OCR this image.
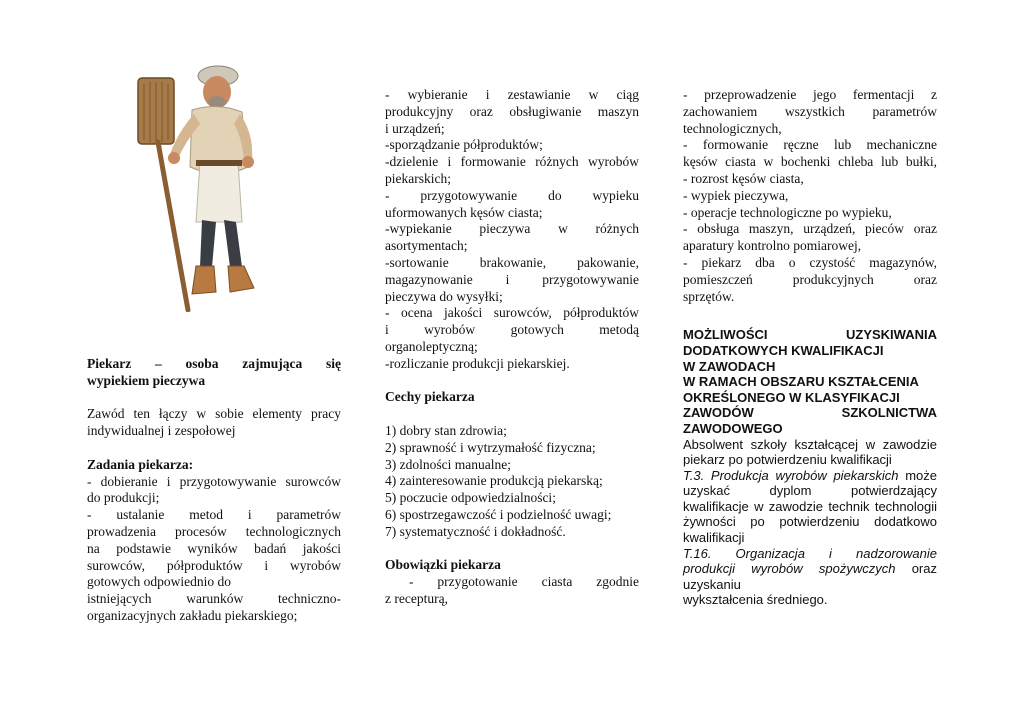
Piekarz – osoba zajmująca się

wypiekiem pieczywa

Zawód ten łączy w sobie elementy pracy

indywidualnej i zespołowej

Zadania piekarza:

- dobieranie i przygotowywanie surowców

do produkcji;

- ustalanie metod i parametrów

prowadzenia procesów technologicznych

na podstawie wyników badań jakości

surowców, półproduktów i wyrobów

gotowych odpowiednio do

istniejących warunków techniczno-

organizacyjnych zakładu piekarskiego;

- wybieranie i zestawianie w ciąg

produkcyjny oraz obsługiwanie maszyn

i urządzeń;

-sporządzanie półproduktów;

-dzielenie i formowanie różnych wyrobów

piekarskich;

- przygotowywanie do wypieku

uformowanych kęsów ciasta;

-wypiekanie pieczywa w różnych

asortymentach;

-sortowanie brakowanie, pakowanie,

magazynowanie i przygotowywanie

pieczywa do wysyłki;

- ocena jakości surowców, półproduktów

i wyrobów gotowych metodą

organoleptyczną;

-rozliczanie produkcji piekarskiej.

Cechy piekarza

1) dobry stan zdrowia;

2) sprawność i wytrzymałość fizyczna;

3) zdolności manualne;

4) zainteresowanie produkcją piekarską;

5) poczucie odpowiedzialności;

6) spostrzegawczość i podzielność uwagi;

7) systematyczność i dokładność.

Obowiązki piekarza

- przygotowanie ciasta zgodnie

z recepturą,

- przeprowadzenie jego fermentacji z

zachowaniem wszystkich parametrów

technologicznych,

- formowanie ręczne lub mechaniczne

kęsów ciasta w bochenki chleba lub bułki,

- rozrost kęsów ciasta,

- wypiek pieczywa,

- operacje technologiczne po wypieku,

- obsługa maszyn, urządzeń, pieców oraz

aparatury kontrolno pomiarowej,

- piekarz dba o czystość magazynów,

pomieszczeń produkcyjnych oraz

sprzętów.

MOŻLIWOŚCI UZYSKIWANIA

DODATKOWYCH KWALIFIKACJI

W ZAWODACH

W RAMACH OBSZARU KSZTAŁCENIA

OKREŚLONEGO W KLASYFIKACJI

ZAWODÓW SZKOLNICTWA

ZAWODOWEGO

Absolwent szkoły kształcącej w zawodzie

piekarz po potwierdzeniu kwalifikacji

T.3. Produkcja wyrobów piekarskich może

uzyskać dyplom potwierdzający

kwalifikacje w zawodzie technik technologii

żywności po potwierdzeniu dodatkowo

kwalifikacji

T.16. Organizacja i nadzorowanie

produkcji wyrobów spożywczych oraz

uzyskaniu

wykształcenia średniego.
